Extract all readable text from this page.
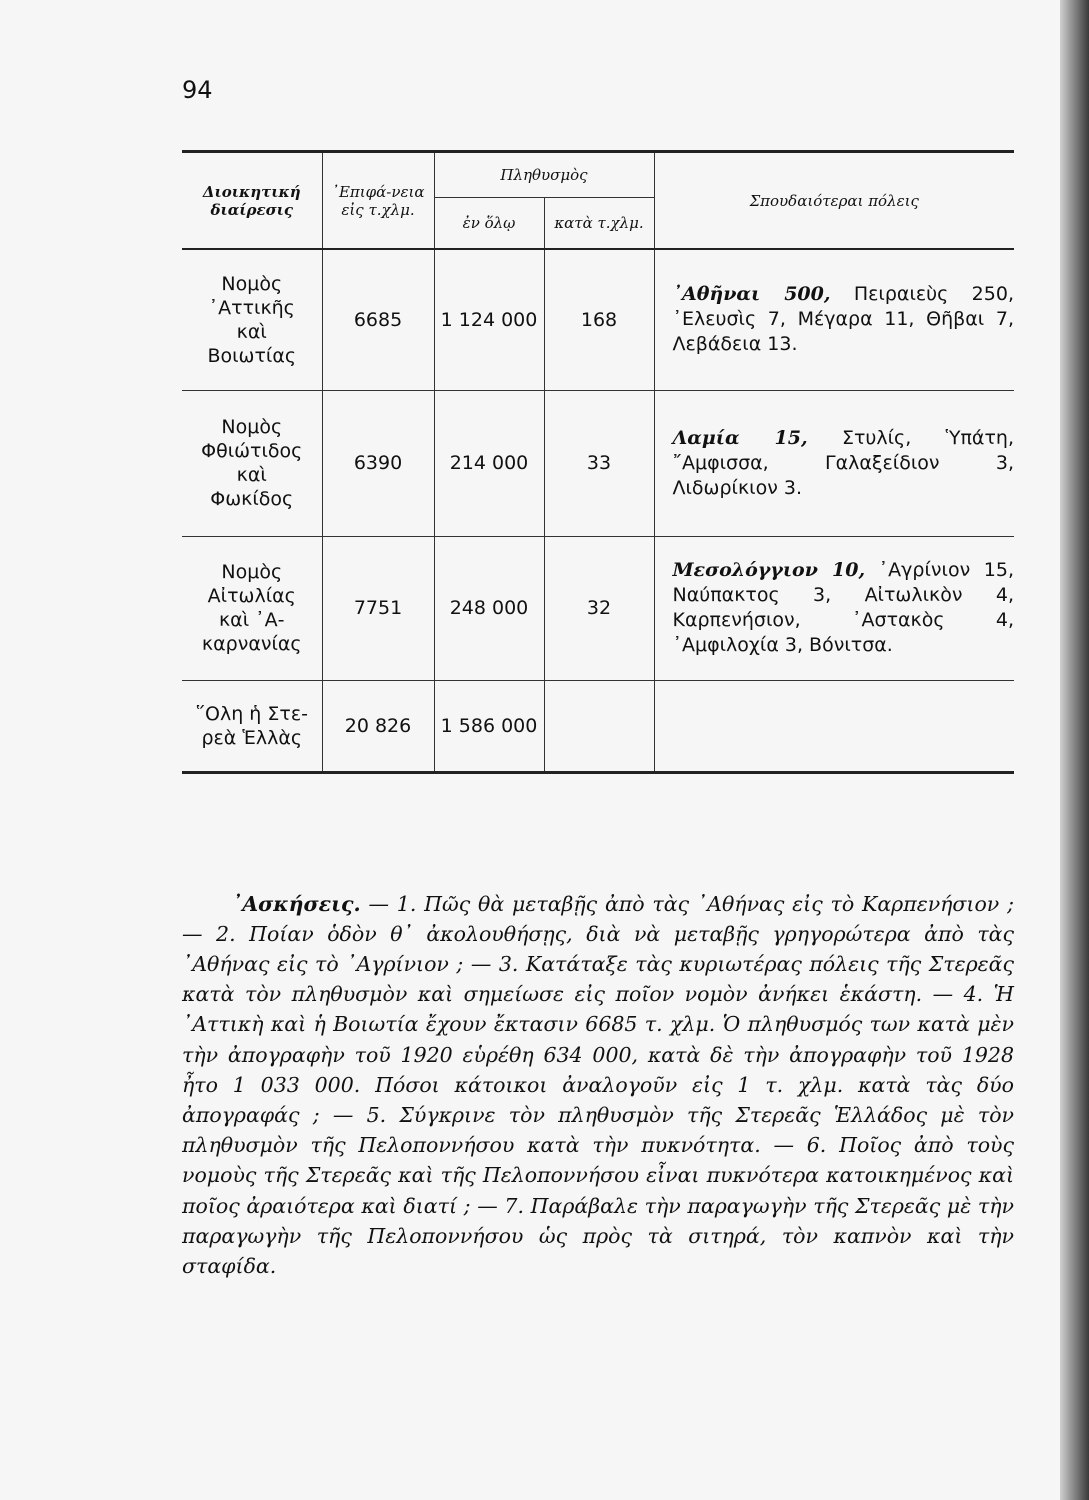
94
Διοικητική διαίρεσις	᾿Επιφά-νεια εἰς τ.χλμ.	Πληθυσμὸς		Σπουδαιότεραι πόλεις
		ἐν ὅλῳ	κατὰ τ.χλμ.	

Νομὸς
᾿Αττικῆς
καὶ
Βοιωτίας	6685	1 124 000	168	᾿Αθῆναι 500, Πειραιεὺς 250, ᾿Ελευσὶς 7, Μέγαρα 11, Θῆβαι 7, Λεβάδεια 13.

Νομὸς
Φθιώτιδος
καὶ
Φωκίδος	6390	214 000	33	Λαμία 15, Στυλίς, Ὑπάτη, ῎Αμφισσα, Γαλαξείδιον 3, Λιδωρίκιον 3.

Νομὸς
Αἰτωλίας
καὶ ᾿Α-
καρνανίας	7751	248 000	32	Μεσολόγγιον 10, ᾿Αγρίνιον 15, Ναύπακτος 3, Αἰτωλικὸν 4, Καρπενήσιον, ᾿Αστακὸς 4, ᾿Αμφιλοχία 3, Βόνιτσα.

῞Ολη ἡ Στε-
ρεὰ Ἑλλὰς	20 826	1 586 000		

᾿Ασκήσεις. — 1. Πῶς θὰ μεταβῇς ἀπὸ τὰς ᾿Αθήνας εἰς τὸ Καρπενήσιον ; — 2. Ποίαν ὁδὸν θ᾿ ἀκολουθήσῃς, διὰ νὰ μεταβῇς γρηγορώτερα ἀπὸ τὰς ᾿Αθήνας εἰς τὸ ᾿Αγρίνιον ; — 3. Κατάταξε τὰς κυριωτέρας πόλεις τῆς Στερεᾶς κατὰ τὸν πληθυσμὸν καὶ σημείωσε εἰς ποῖον νομὸν ἀνήκει ἑκάστη. — 4. Ἡ ᾿Αττικὴ καὶ ἡ Βοιωτία ἔχουν ἔκτασιν 6685 τ. χλμ. Ὁ πληθυσμός των κατὰ μὲν τὴν ἀπογραφὴν τοῦ 1920 εὑρέθη 634 000, κατὰ δὲ τὴν ἀπογραφὴν τοῦ 1928 ἦτο 1 033 000. Πόσοι κάτοικοι ἀναλογοῦν εἰς 1 τ. χλμ. κατὰ τὰς δύο ἀπογραφάς ; — 5. Σύγκρινε τὸν πληθυσμὸν τῆς Στερεᾶς Ἑλλάδος μὲ τὸν πληθυσμὸν τῆς Πελοποννήσου κατὰ τὴν πυκνότητα. — 6. Ποῖος ἀπὸ τοὺς νομοὺς τῆς Στερεᾶς καὶ τῆς Πελοποννήσου εἶναι πυκνότερα κατοικημένος καὶ ποῖος ἀραιότερα καὶ διατί ; — 7. Παράβαλε τὴν παραγωγὴν τῆς Στερεᾶς μὲ τὴν παραγωγὴν τῆς Πελοποννήσου ὡς πρὸς τὰ σιτηρά, τὸν καπνὸν καὶ τὴν σταφίδα.
